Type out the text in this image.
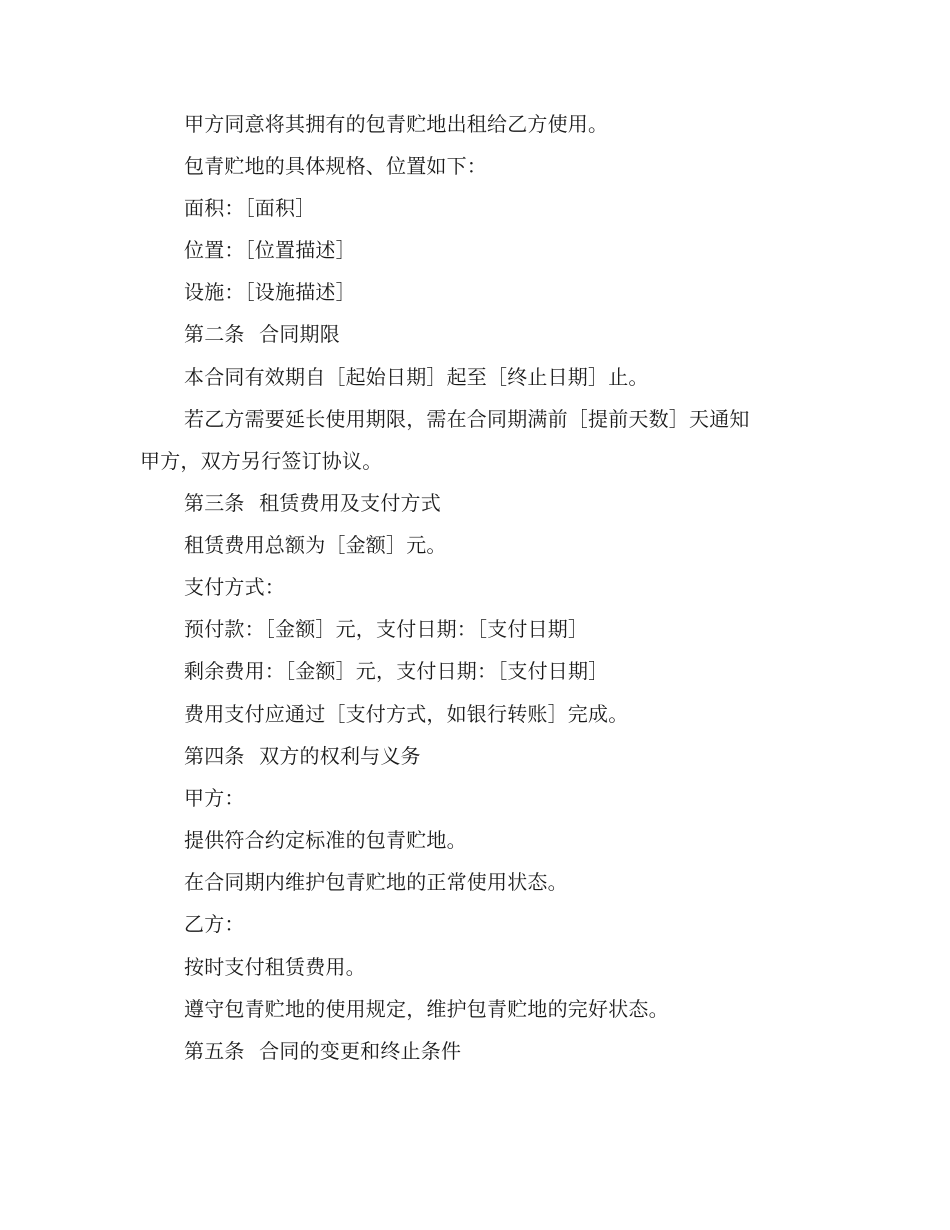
甲方同意将其拥有的包青贮地出租给乙方使用。
包青贮地的具体规格、位置如下：
面积：［面积］
位置：［位置描述］
设施：［设施描述］
第二条 合同期限
本合同有效期自［起始日期］起至［终止日期］止。
若乙方需要延长使用期限，需在合同期满前［提前天数］天通知
甲方，双方另行签订协议。
第三条 租赁费用及支付方式
租赁费用总额为［金额］元。
支付方式：
预付款：［金额］元，支付日期：［支付日期］
剩余费用：［金额］元，支付日期：［支付日期］
费用支付应通过［支付方式，如银行转账］完成。
第四条 双方的权利与义务
甲方：
提供符合约定标准的包青贮地。
在合同期内维护包青贮地的正常使用状态。
乙方：
按时支付租赁费用。
遵守包青贮地的使用规定，维护包青贮地的完好状态。
第五条 合同的变更和终止条件
